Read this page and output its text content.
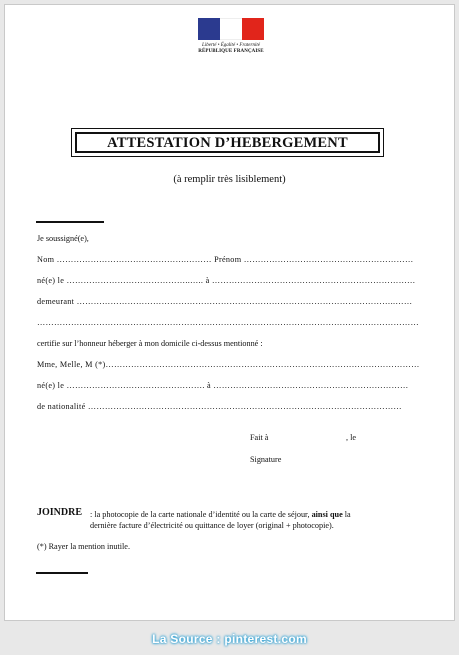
Liberté • Égalité • Fraternité
RÉPUBLIQUE FRANÇAISE
ATTESTATION D’HEBERGEMENT
(à remplir très lisiblement)
Je soussigné(e),
Nom ……………………………………….……… Prénom ……………………………………………………
né(e) le ……………………………………..….. à ………………………………………………………………
demeurant …………………………………………………………………………………………………..……
………………………………………………………………………………………………………………………
certifie sur l’honneur héberger à mon domicile ci-dessus mentionné :
Mme, Melle, M (*)…………………………………………………………………………………………………
né(e) le …………………………………………. à ……………………………………………………………
de nationalité …………………………………………………………………………………………………
Fait à	, le
Signature
JOINDRE : la photocopie de la carte nationale d’identité ou la carte de séjour, ainsi que la
dernière facture d’électricité ou quittance de loyer (original + photocopie).
(*) Rayer la mention inutile.
La Source : pinterest.com
